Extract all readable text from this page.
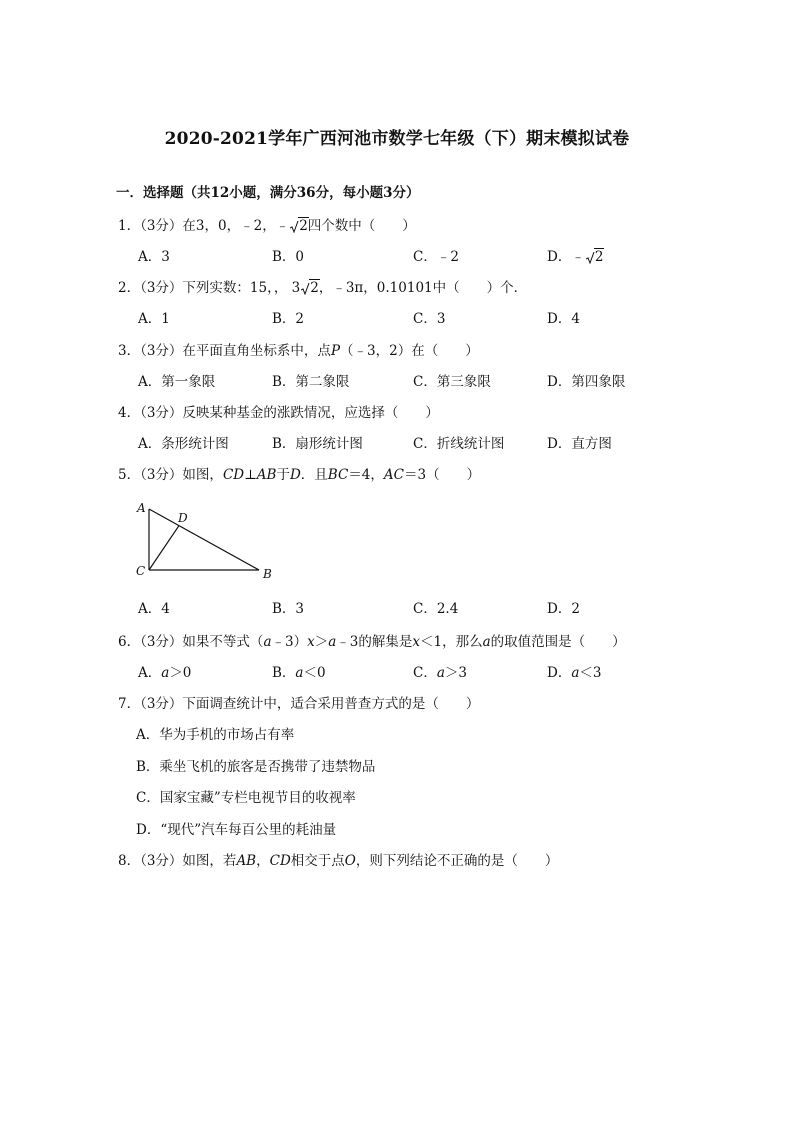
2020-2021学年广西河池市数学七年级（下）期末模拟试卷
一．选择题（共12小题，满分36分，每小题3分）
1．（3分）在3，0，﹣2，﹣ 2四个数中（　　）
A．3	B．0	C．﹣2	D．﹣ 2
2．（3分）下列实数：15，， 3 2，﹣3π，0.10101中（　　）个．
A．1	B．2	C．3	D．4
3．（3分）在平面直角坐标系中，点P（﹣3，2）在（　　）
A．第一象限	B．第二象限	C．第三象限	D．第四象限
4．（3分）反映某种基金的涨跌情况，应选择（　　）
A．条形统计图	B．扇形统计图	C．折线统计图	D．直方图
5．（3分）如图，CD⊥AB于D．且BC＝4，AC＝3（　　）
A
D
C	B
A．4	B．3	C．2.4	D．2
6．（3分）如果不等式（a﹣3）x＞a﹣3的解集是x＜1，那么a的取值范围是（　　）
A．a＞0	B．a＜0	C．a＞3	D．a＜3
7．（3分）下面调查统计中，适合采用普查方式的是（　　）
A．华为手机的市场占有率
B．乘坐飞机的旅客是否携带了违禁物品
C．国家宝藏”专栏电视节目的收视率
D．“现代”汽车每百公里的耗油量
8．（3分）如图，若AB，CD相交于点O，则下列结论不正确的是（　　）
